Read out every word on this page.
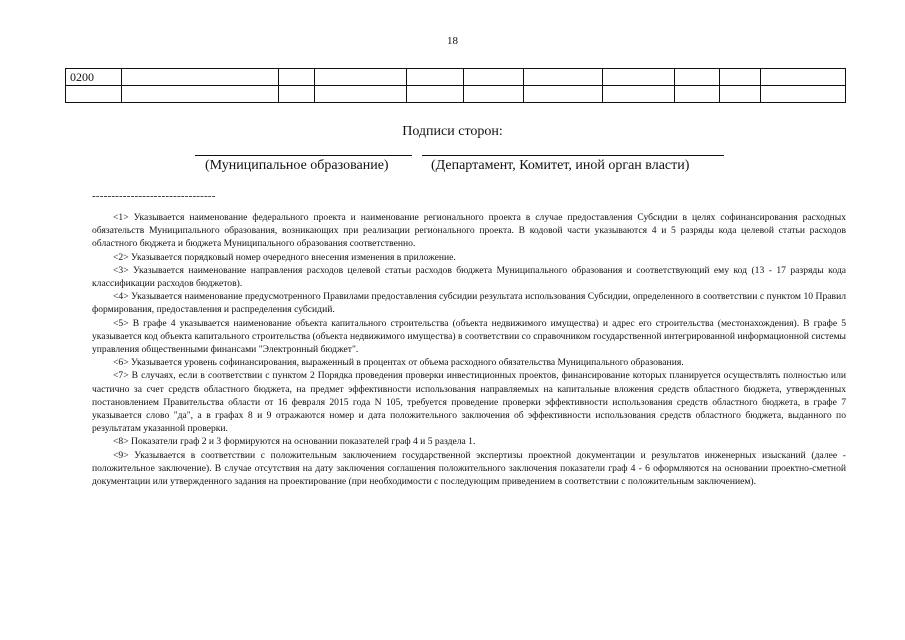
18
0200										

Подписи сторон:
(Муниципальное образование)	(Департамент, Комитет, иной орган власти)
--------------------------------

<1> Указывается наименование федерального проекта и наименование регионального проекта в случае предоставления Субсидии в целях софинансирования расходных обязательств Муниципального образования, возникающих при реализации регионального проекта. В кодовой части указываются 4 и 5 разряды кода целевой статьи расходов областного бюджета и бюджета Муниципального образования соответственно.

<2> Указывается порядковый номер очередного внесения изменения в приложение.

<3> Указывается наименование направления расходов целевой статьи расходов бюджета Муниципального образования и соответствующий ему код (13 - 17 разряды кода классификации расходов бюджетов).

<4> Указывается наименование предусмотренного Правилами предоставления субсидии результата использования Субсидии, определенного в соответствии с пунктом 10 Правил формирования, предоставления и распределения субсидий.

<5> В графе 4 указывается наименование объекта капитального строительства (объекта недвижимого имущества) и адрес его строительства (местонахождения). В графе 5 указывается код объекта капитального строительства (объекта недвижимого имущества) в соответствии со справочником государственной интегрированной информационной системы управления общественными финансами "Электронный бюджет".

<6> Указывается уровень софинансирования, выраженный в процентах от объема расходного обязательства Муниципального образования.

<7> В случаях, если в соответствии с пунктом 2 Порядка проведения проверки инвестиционных проектов, финансирование которых планируется осуществлять полностью или частично за счет средств областного бюджета, на предмет эффективности использования направляемых на капитальные вложения средств областного бюджета, утвержденных постановлением Правительства области от 16 февраля 2015 года N 105, требуется проведение проверки эффективности использования средств областного бюджета, в графе 7 указывается слово "да", а в графах 8 и 9 отражаются номер и дата положительного заключения об эффективности использования средств областного бюджета, выданного по результатам указанной проверки.

<8> Показатели граф 2 и 3 формируются на основании показателей граф 4 и 5 раздела 1.

<9> Указывается в соответствии с положительным заключением государственной экспертизы проектной документации и результатов инженерных изысканий (далее - положительное заключение). В случае отсутствия на дату заключения соглашения положительного заключения показатели граф 4 - 6 оформляются на основании проектно-сметной документации или утвержденного задания на проектирование (при необходимости с последующим приведением в соответствии с положительным заключением).
